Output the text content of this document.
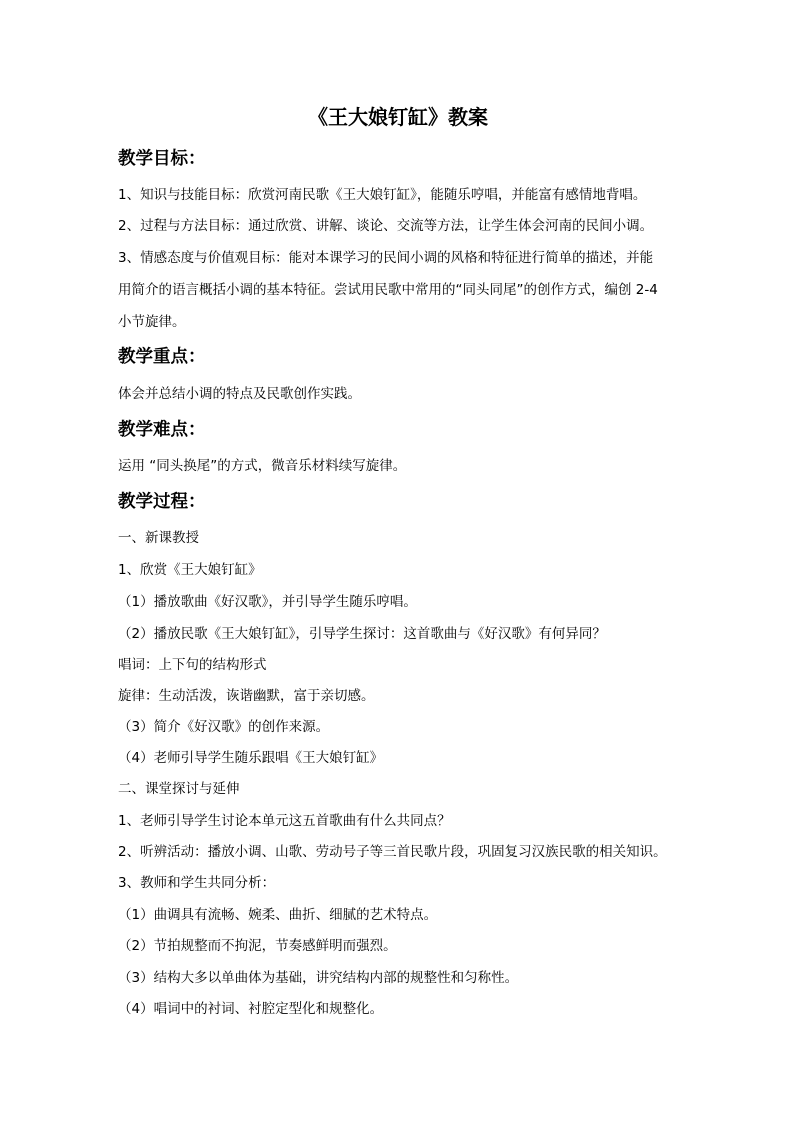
《王大娘钉缸》教案
教学目标：
1、知识与技能目标：欣赏河南民歌《王大娘钉缸》，能随乐哼唱，并能富有感情地背唱。
2、过程与方法目标：通过欣赏、讲解、谈论、交流等方法，让学生体会河南的民间小调。
3、情感态度与价值观目标：能对本课学习的民间小调的风格和特征进行简单的描述，并能
用简介的语言概括小调的基本特征。尝试用民歌中常用的“同头同尾”的创作方式，编创 2-4
小节旋律。
教学重点：
体会并总结小调的特点及民歌创作实践。
教学难点：
运用 “同头换尾”的方式，微音乐材料续写旋律。
教学过程：
一、新课教授
1、欣赏《王大娘钉缸》
（1）播放歌曲《好汉歌》，并引导学生随乐哼唱。
（2）播放民歌《王大娘钉缸》，引导学生探讨：这首歌曲与《好汉歌》有何异同？
唱词：上下句的结构形式
旋律：生动活泼，诙谐幽默，富于亲切感。
（3）简介《好汉歌》的创作来源。
（4）老师引导学生随乐跟唱《王大娘钉缸》
二、课堂探讨与延伸
1、老师引导学生讨论本单元这五首歌曲有什么共同点？
2、听辨活动：播放小调、山歌、劳动号子等三首民歌片段，巩固复习汉族民歌的相关知识。
3、教师和学生共同分析：
（1）曲调具有流畅、婉柔、曲折、细腻的艺术特点。
（2）节拍规整而不拘泥，节奏感鲜明而强烈。
（3）结构大多以单曲体为基础，讲究结构内部的规整性和匀称性。
（4）唱词中的衬词、衬腔定型化和规整化。
